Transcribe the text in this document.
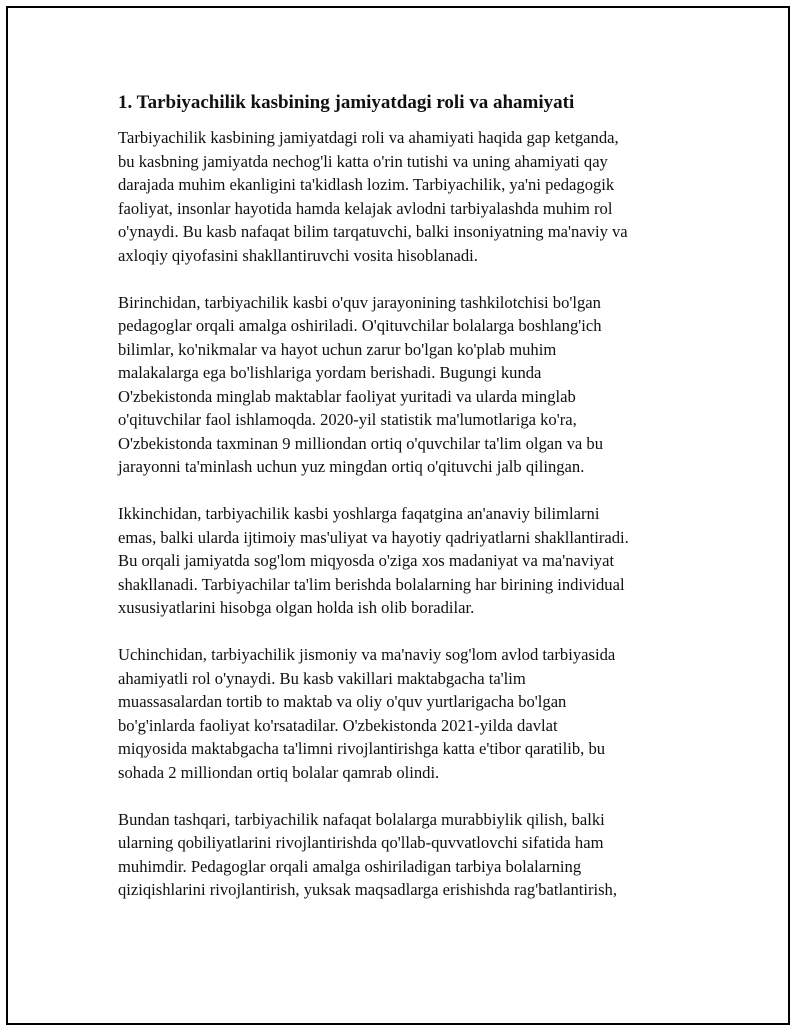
1. Tarbiyachilik kasbining jamiyatdagi roli va ahamiyati
Tarbiyachilik kasbining jamiyatdagi roli va ahamiyati haqida gap ketganda,
bu kasbning jamiyatda nechog'li katta o'rin tutishi va uning ahamiyati qay
darajada muhim ekanligini ta'kidlash lozim. Tarbiyachilik, ya'ni pedagogik
faoliyat, insonlar hayotida hamda kelajak avlodni tarbiyalashda muhim rol
o'ynaydi. Bu kasb nafaqat bilim tarqatuvchi, balki insoniyatning ma'naviy va
axloqiy qiyofasini shakllantiruvchi vosita hisoblanadi.
Birinchidan, tarbiyachilik kasbi o'quv jarayonining tashkilotchisi bo'lgan
pedagoglar orqali amalga oshiriladi. O'qituvchilar bolalarga boshlang'ich
bilimlar, ko'nikmalar va hayot uchun zarur bo'lgan ko'plab muhim
malakalarga ega bo'lishlariga yordam berishadi. Bugungi kunda
O'zbekistonda minglab maktablar faoliyat yuritadi va ularda minglab
o'qituvchilar faol ishlamoqda. 2020-yil statistik ma'lumotlariga ko'ra,
O'zbekistonda taxminan 9 milliondan ortiq o'quvchilar ta'lim olgan va bu
jarayonni ta'minlash uchun yuz mingdan ortiq o'qituvchi jalb qilingan.
Ikkinchidan, tarbiyachilik kasbi yoshlarga faqatgina an'anaviy bilimlarni
emas, balki ularda ijtimoiy mas'uliyat va hayotiy qadriyatlarni shakllantiradi.
Bu orqali jamiyatda sog'lom miqyosda o'ziga xos madaniyat va ma'naviyat
shakllanadi. Tarbiyachilar ta'lim berishda bolalarning har birining individual
xususiyatlarini hisobga olgan holda ish olib boradilar.
Uchinchidan, tarbiyachilik jismoniy va ma'naviy sog'lom avlod tarbiyasida
ahamiyatli rol o'ynaydi. Bu kasb vakillari maktabgacha ta'lim
muassasalardan tortib to maktab va oliy o'quv yurtlarigacha bo'lgan
bo'g'inlarda faoliyat ko'rsatadilar. O'zbekistonda 2021-yilda davlat
miqyosida maktabgacha ta'limni rivojlantirishga katta e'tibor qaratilib, bu
sohada 2 milliondan ortiq bolalar qamrab olindi.
Bundan tashqari, tarbiyachilik nafaqat bolalarga murabbiylik qilish, balki
ularning qobiliyatlarini rivojlantirishda qo'llab-quvvatlovchi sifatida ham
muhimdir. Pedagoglar orqali amalga oshiriladigan tarbiya bolalarning
qiziqishlarini rivojlantirish, yuksak maqsadlarga erishishda rag'batlantirish,
